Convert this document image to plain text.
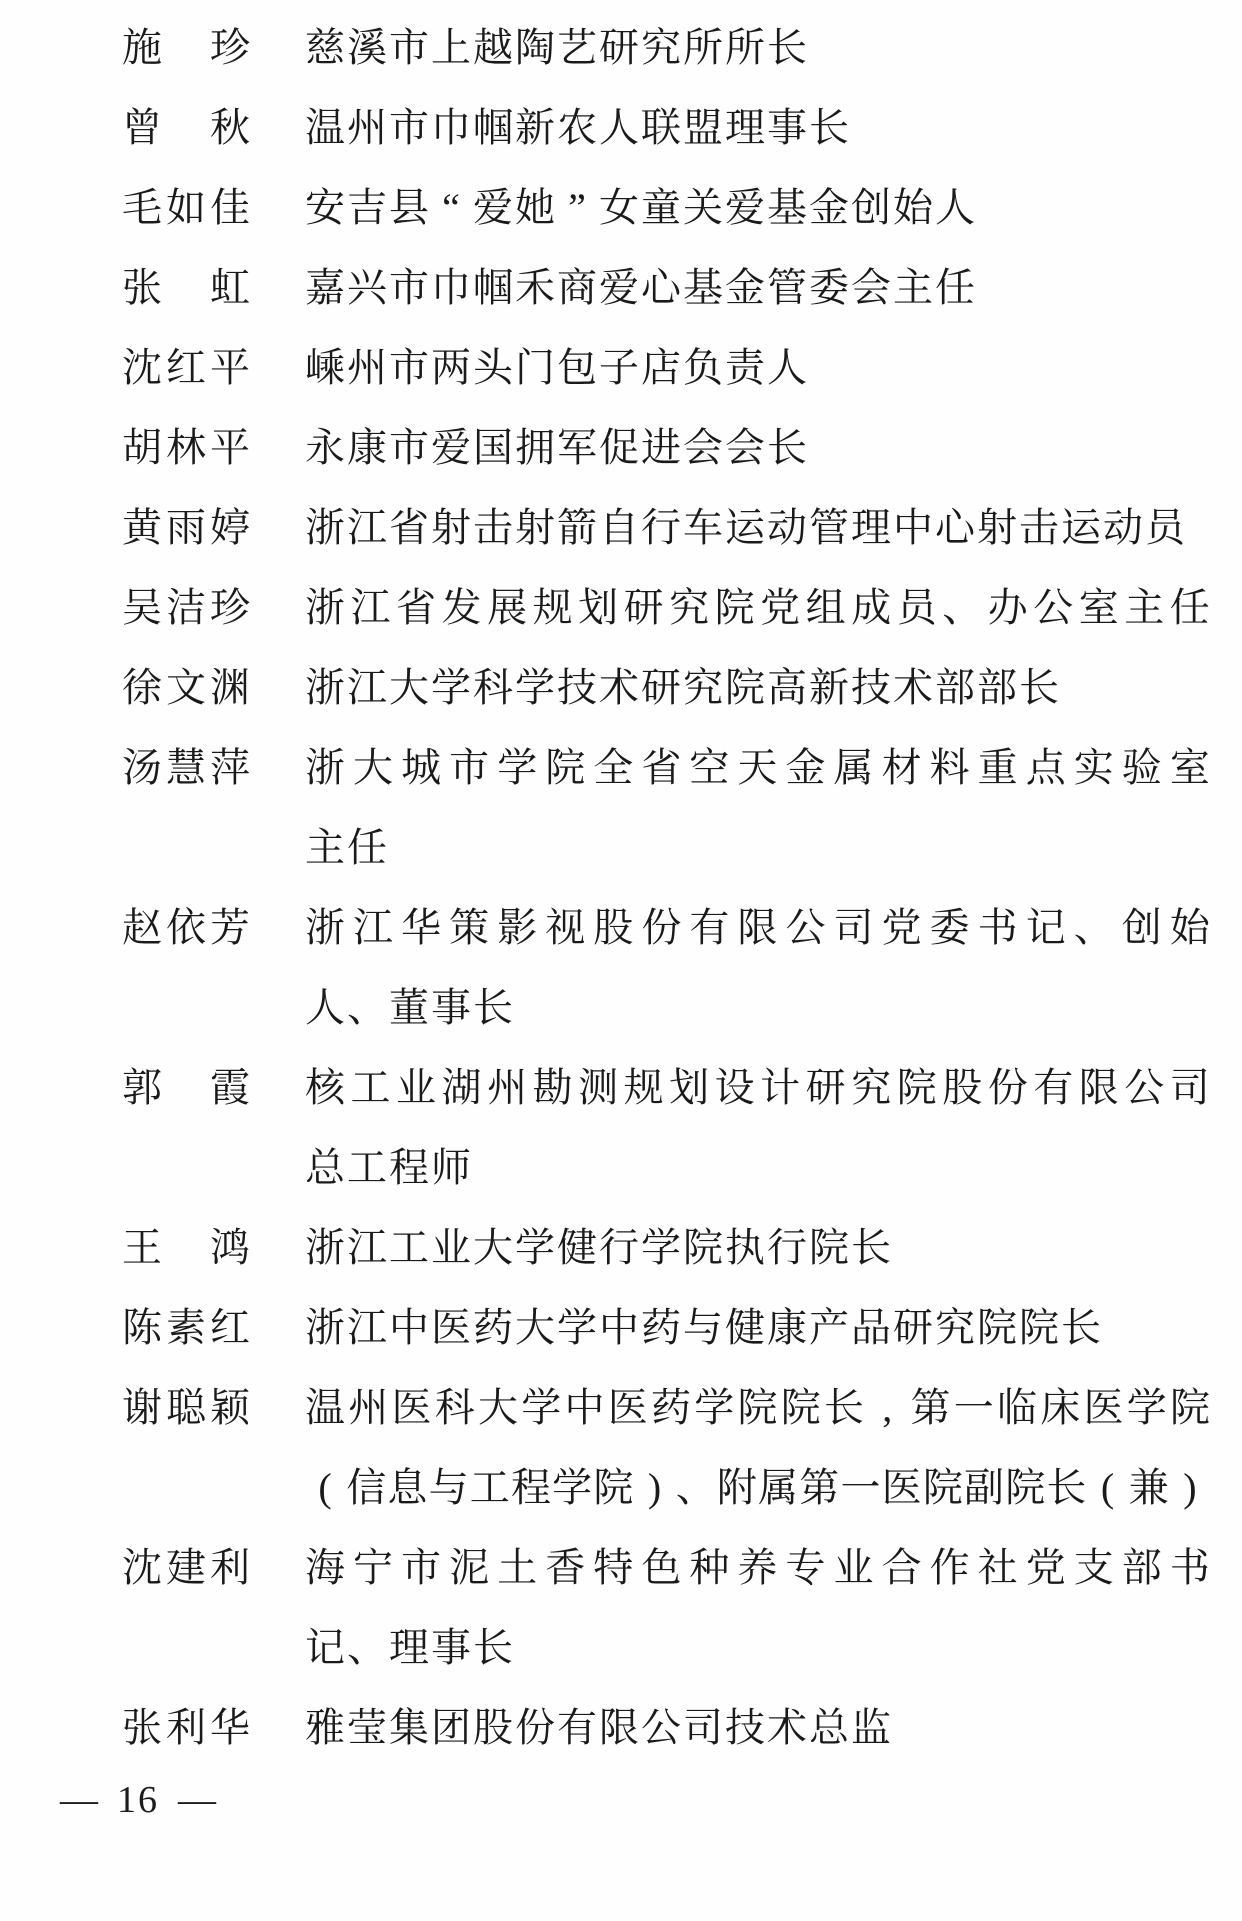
施 珍 慈 溪 市 上 越 陶 艺 研 究 所 所 长
曾 秋 温 州 市 巾 帼 新 农 人 联 盟 理 事 长
毛 如 佳 安 吉 县 “ 爱 她 ” 女 童 关 爱 基 金 创 始 人
张 虹 嘉 兴 市 巾 帼 禾 商 爱 心 基 金 管 委 会 主 任
沈 红 平 嵊 州 市 两 头 门 包 子 店 负 责 人
胡 林 平 永 康 市 爱 国 拥 军 促 进 会 会 长
黄 雨 婷 浙 江 省 射 击 射 箭 自 行 车 运 动 管 理 中 心 射 击 运 动 员
吴 洁 珍 浙 江 省 发 展 规 划 研 究 院 党 组 成 员 、 办 公 室 主 任
徐 文 渊 浙 江 大 学 科 学 技 术 研 究 院 高 新 技 术 部 部 长
汤 慧 萍 浙 大 城 市 学 院 全 省 空 天 金 属 材 料 重 点 实 验 室
主 任
赵 依 芳 浙 江 华 策 影 视 股 份 有 限 公 司 党 委 书 记 、 创 始
人 、 董 事 长
郭 霞 核 工 业 湖 州 勘 测 规 划 设 计 研 究 院 股 份 有 限 公 司
总 工 程 师
王 鸿 浙 江 工 业 大 学 健 行 学 院 执 行 院 长
陈 素 红 浙 江 中 医 药 大 学 中 药 与 健 康 产 品 研 究 院 院 长
谢 聪 颖 温 州 医 科 大 学 中 医 药 学 院 院 长 , 第 一 临 床 医 学 院
( 信 息 与 工 程 学 院 ) 、 附 属 第 一 医 院 副 院 长 ( 兼 )
沈 建 利 海 宁 市 泥 土 香 特 色 种 养 专 业 合 作 社 党 支 部 书
记 、 理 事 长
张 利 华 雅 莹 集 团 股 份 有 限 公 司 技 术 总 监
— 16 —
